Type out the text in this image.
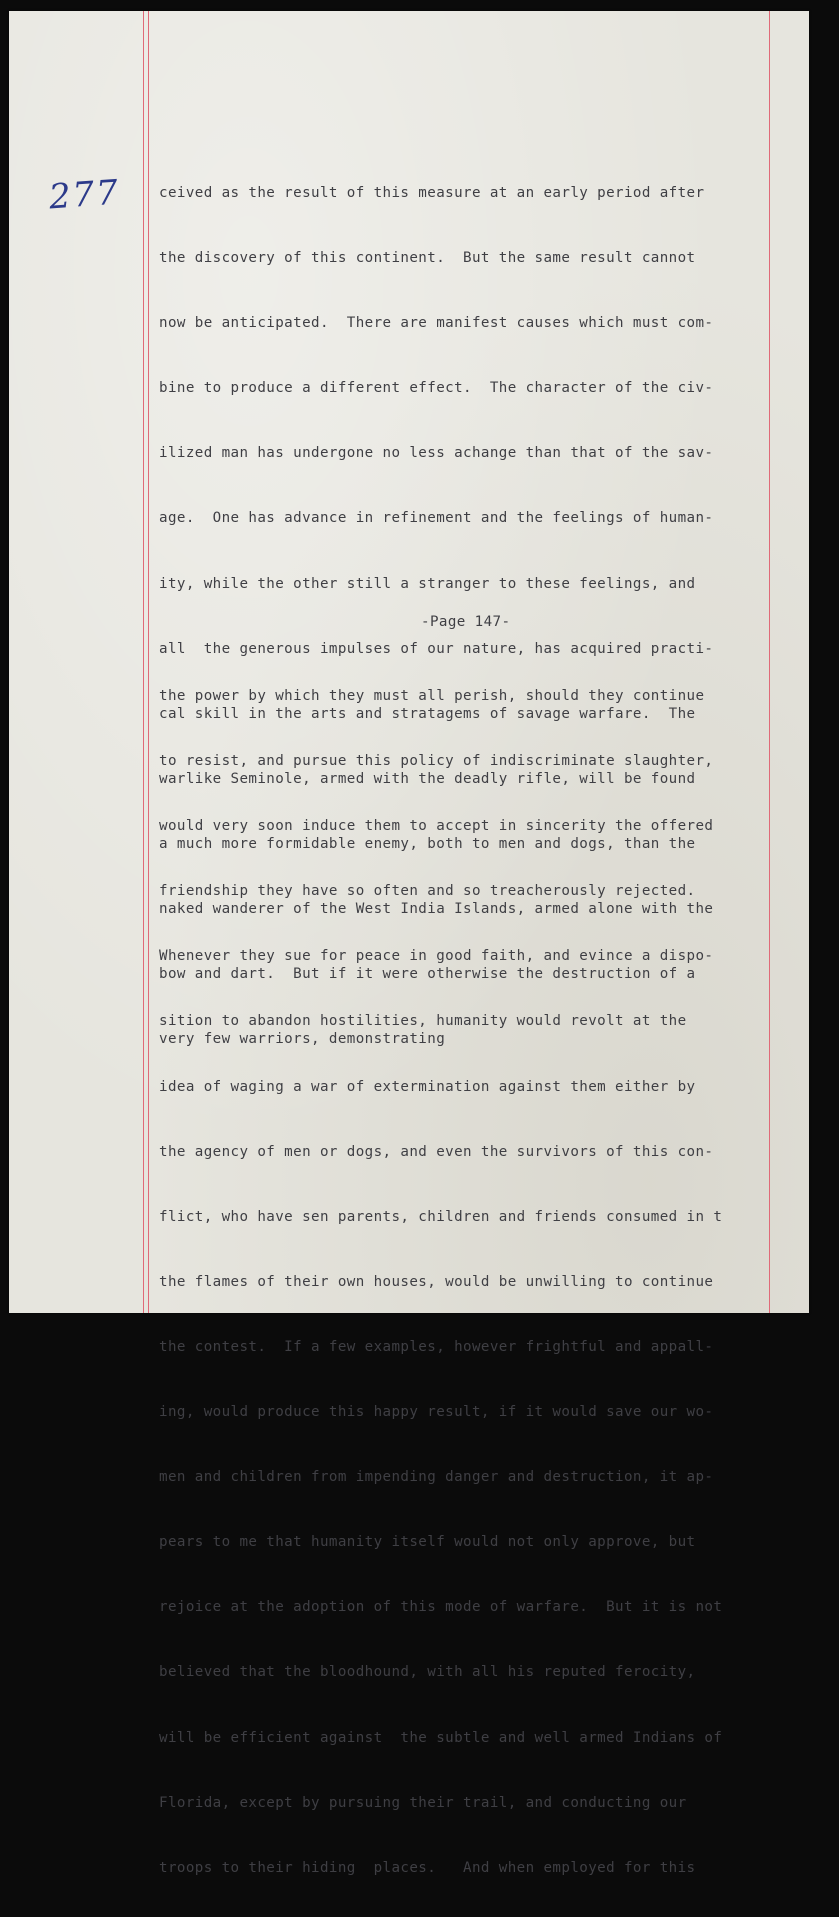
277

	ceived as the result of this measure at an early period after

the discovery of this continent.  But the same result cannot

now be anticipated.  There are manifest causes which must com-

bine to produce a different effect.  The character of the civ-

ilized man has undergone no less achange than that of the sav-

age.  One has advance in refinement and the feelings of human-

ity, while the other still a stranger to these feelings, and

all  the generous impulses of our nature, has acquired practi-

cal skill in the arts and stratagems of savage warfare.  The

warlike Seminole, armed with the deadly rifle, will be found

a much more formidable enemy, both to men and dogs, than the

naked wanderer of the West India Islands, armed alone with the

bow and dart.  But if it were otherwise the destruction of a

very few warriors, demonstrating

-Page 147-

the power by which they must all perish, should they continue

to resist, and pursue this policy of indiscriminate slaughter,

would very soon induce them to accept in sincerity the offered

friendship they have so often and so treacherously rejected.

Whenever they sue for peace in good faith, and evince a dispo-

sition to abandon hostilities, humanity would revolt at the

idea of waging a war of extermination against them either by

the agency of men or dogs, and even the survivors of this con-

flict, who have sen parents, children and friends consumed in t

the flames of their own houses, would be unwilling to continue

the contest.  If a few examples, however frightful and appall-

ing, would produce this happy result, if it would save our wo-

men and children from impending danger and destruction, it ap-

pears to me that humanity itself would not only approve, but

rejoice at the adoption of this mode of warfare.  But it is not

believed that the bloodhound, with all his reputed ferocity,

will be efficient against  the subtle and well armed Indians of

Florida, except by pursuing their trail, and conducting our

troops to their hiding  places.   And when employed for this
